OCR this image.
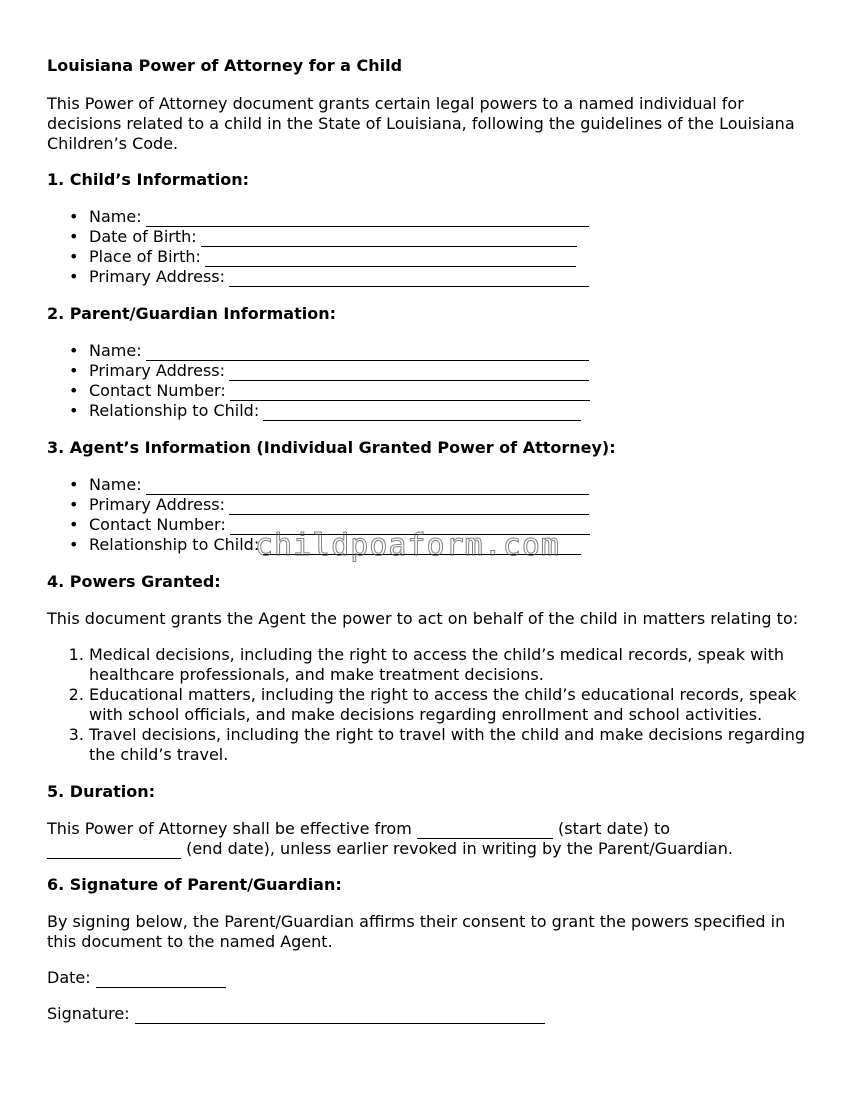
Louisiana Power of Attorney for a Child

This Power of Attorney document grants certain legal powers to a named individual for decisions related to a child in the State of Louisiana, following the guidelines of the Louisiana Children’s Code.

1. Child’s Information:

• Name:
• Date of Birth:
• Place of Birth:
• Primary Address:

2. Parent/Guardian Information:

• Name:
• Primary Address:
• Contact Number:
• Relationship to Child:

3. Agent’s Information (Individual Granted Power of Attorney):

• Name:
• Primary Address:
• Contact Number:
• Relationship to Child:

4. Powers Granted:

This document grants the Agent the power to act on behalf of the child in matters relating to:

1. Medical decisions, including the right to access the child’s medical records, speak with healthcare professionals, and make treatment decisions.
2. Educational matters, including the right to access the child’s educational records, speak with school officials, and make decisions regarding enrollment and school activities.
3. Travel decisions, including the right to travel with the child and make decisions regarding the child’s travel.

5. Duration:

This Power of Attorney shall be effective from	(start date) to
(end date), unless earlier revoked in writing by the Parent/Guardian.

6. Signature of Parent/Guardian:

By signing below, the Parent/Guardian affirms their consent to grant the powers specified in this document to the named Agent.

Date:

Signature:

childpoaform.com
